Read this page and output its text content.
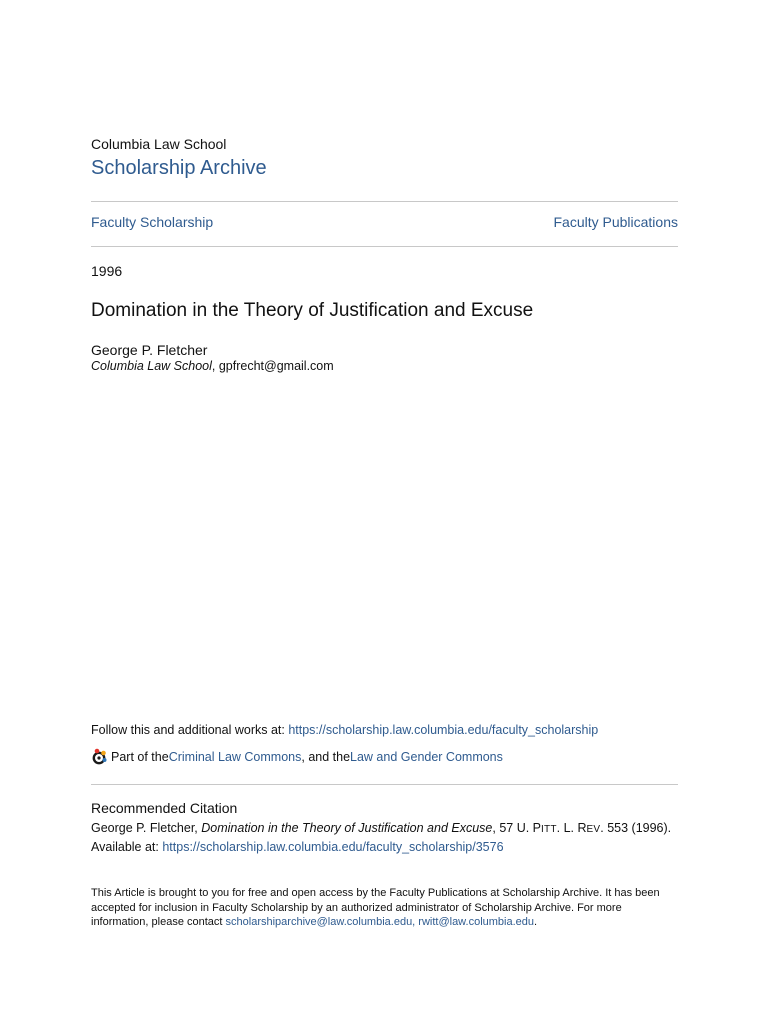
Columbia Law School
Scholarship Archive
Faculty Scholarship	Faculty Publications
1996
Domination in the Theory of Justification and Excuse
George P. Fletcher
Columbia Law School, gpfrecht@gmail.com
Follow this and additional works at: https://scholarship.law.columbia.edu/faculty_scholarship
Part of the Criminal Law Commons , and the Law and Gender Commons
Recommended Citation
George P. Fletcher, Domination in the Theory of Justification and Excuse, 57 U. PITT. L. REV. 553 (1996).
Available at: https://scholarship.law.columbia.edu/faculty_scholarship/3576
This Article is brought to you for free and open access by the Faculty Publications at Scholarship Archive. It has been accepted for inclusion in Faculty Scholarship by an authorized administrator of Scholarship Archive. For more information, please contact scholarshiparchive@law.columbia.edu, rwitt@law.columbia.edu.
